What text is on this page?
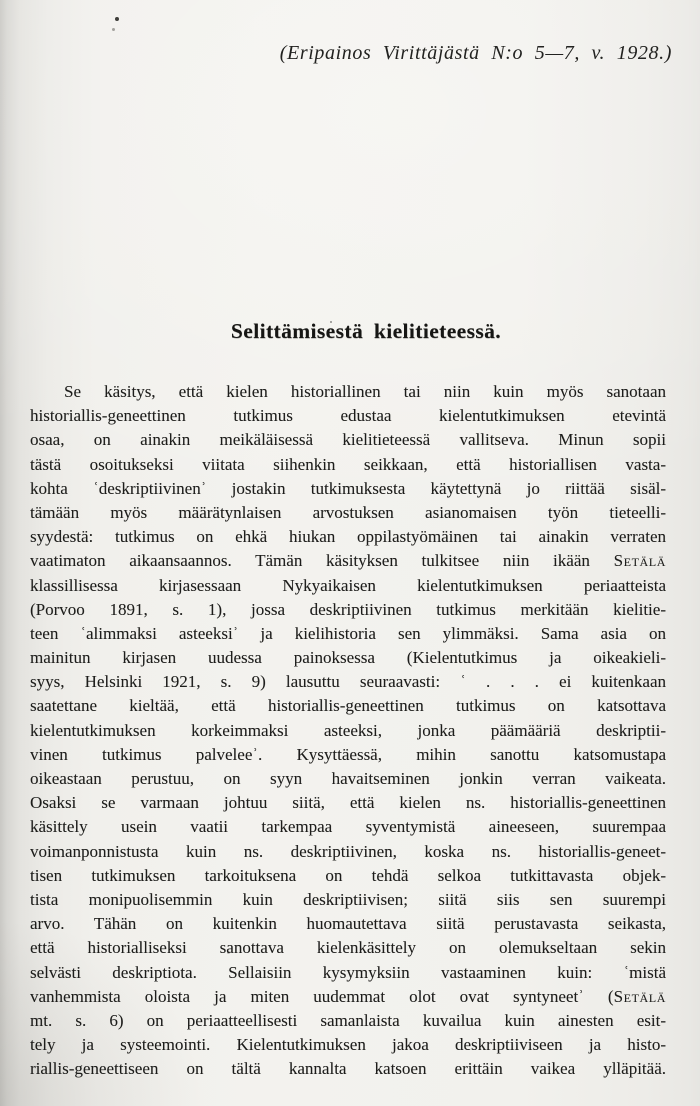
(Eripainos Virittäjästä N:o 5—7, v. 1928.)
Selittämisestä kielitieteessä.
Se käsitys, että kielen historiallinen tai niin kuin myös sanotaan
historiallis-geneettinen tutkimus edustaa kielentutkimuksen etevintä
osaa, on ainakin meikäläisessä kielitieteessä vallitseva. Minun sopii
tästä osoitukseksi viitata siihenkin seikkaan, että historiallisen vasta-
kohta ʿdeskriptiivinenʾ jostakin tutkimuksesta käytettynä jo riittää sisäl-
tämään myös määrätynlaisen arvostuksen asianomaisen työn tieteelli-
syydestä: tutkimus on ehkä hiukan oppilastyömäinen tai ainakin verraten
vaatimaton aikaansaannos. Tämän käsityksen tulkitsee niin ikään Setälä
klassillisessa kirjasessaan Nykyaikaisen kielentutkimuksen periaatteista
(Porvoo 1891, s. 1), jossa deskriptiivinen tutkimus merkitään kielitie-
teen ʿalimmaksi asteeksiʾ ja kielihistoria sen ylimmäksi. Sama asia on
mainitun kirjasen uudessa painoksessa (Kielentutkimus ja oikeakieli-
syys, Helsinki 1921, s. 9) lausuttu seuraavasti: ʿ . . . ei kuitenkaan
saatettane kieltää, että historiallis-geneettinen tutkimus on katsottava
kielentutkimuksen korkeimmaksi asteeksi, jonka päämääriä deskriptii-
vinen tutkimus palveleeʾ. Kysyttäessä, mihin sanottu katsomustapa
oikeastaan perustuu, on syyn havaitseminen jonkin verran vaikeata.
Osaksi se varmaan johtuu siitä, että kielen ns. historiallis-geneettinen
käsittely usein vaatii tarkempaa syventymistä aineeseen, suurempaa
voimanponnistusta kuin ns. deskriptiivinen, koska ns. historiallis-geneet-
tisen tutkimuksen tarkoituksena on tehdä selkoa tutkittavasta objek-
tista monipuolisemmin kuin deskriptiivisen; siitä siis sen suurempi
arvo. Tähän on kuitenkin huomautettava siitä perustavasta seikasta,
että historialliseksi sanottava kielenkäsittely on olemukseltaan sekin
selvästi deskriptiota. Sellaisiin kysymyksiin vastaaminen kuin: ʿmistä
vanhemmista oloista ja miten uudemmat olot ovat syntyneetʾ (Setälä
mt. s. 6) on periaatteellisesti samanlaista kuvailua kuin ainesten esit-
tely ja systeemointi. Kielentutkimuksen jakoa deskriptiiviseen ja histo-
riallis-geneettiseen on tältä kannalta katsoen erittäin vaikea ylläpitää.
